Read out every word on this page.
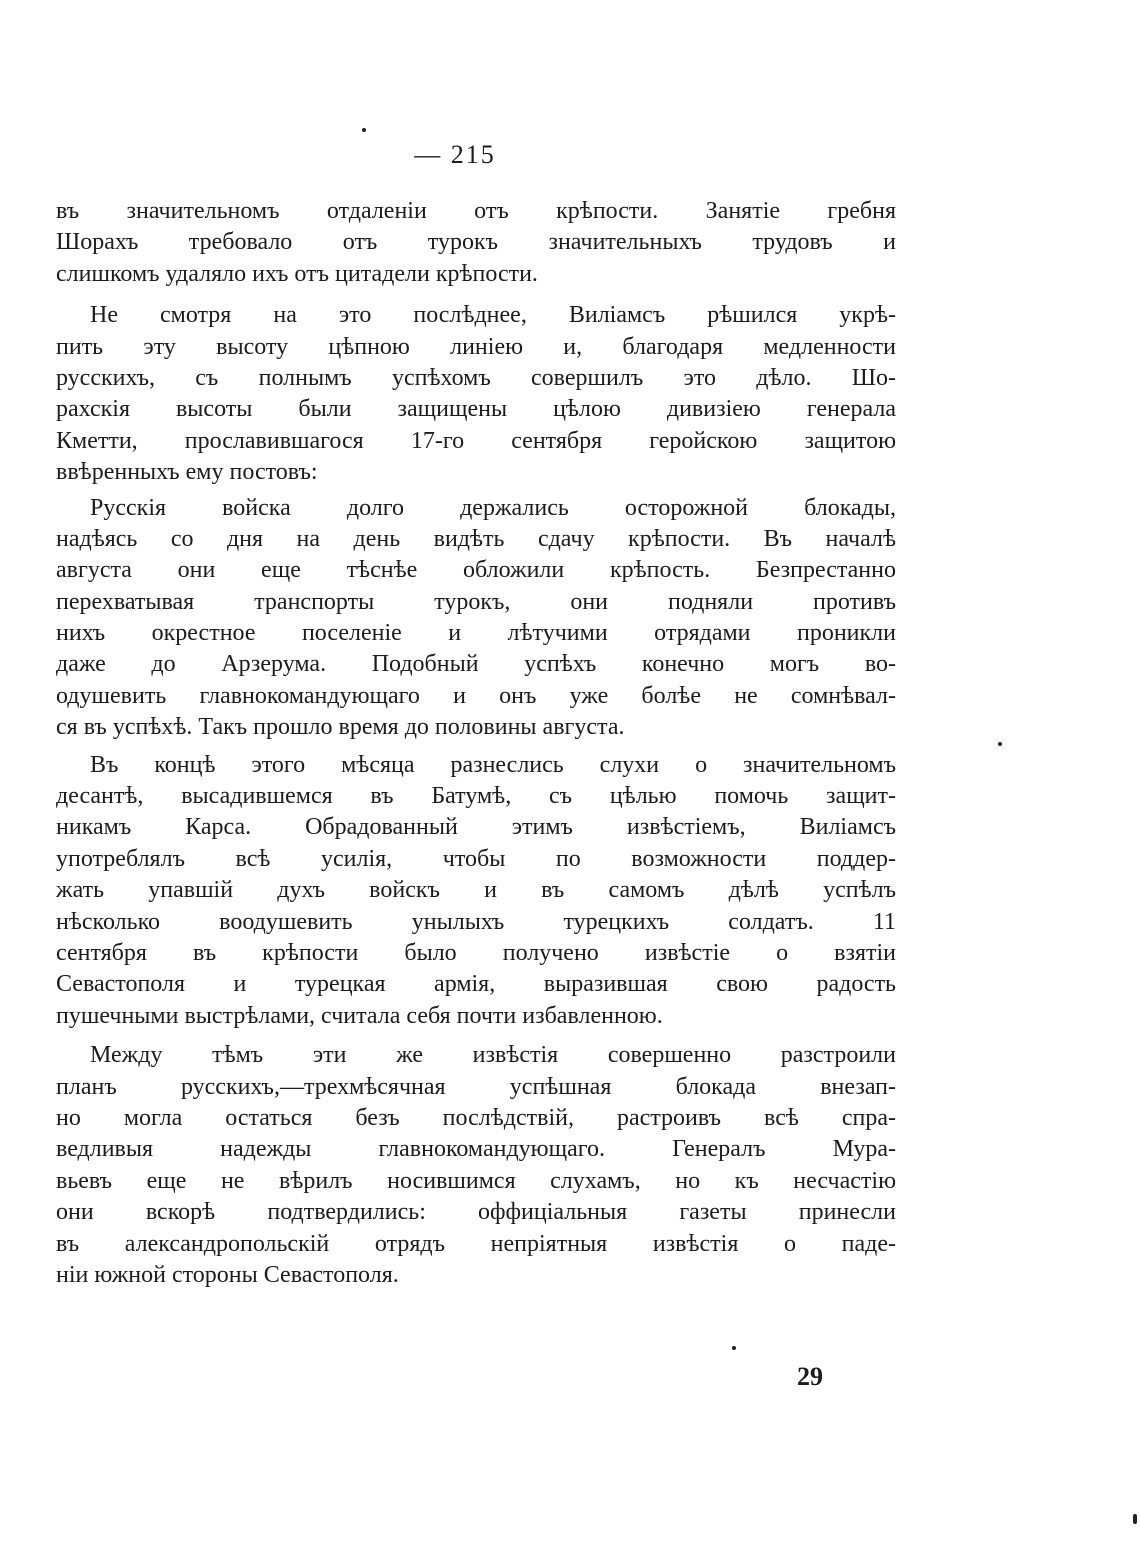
— 215
въ значительномъ отдаленіи отъ крѣпости. Занятіе гребня
Шорахъ требовало отъ турокъ значительныхъ трудовъ и
слишкомъ удаляло ихъ отъ цитадели крѣпости.
Не смотря на это послѣднее, Виліамсъ рѣшился укрѣ-
пить эту высоту цѣпною линіею и, благодаря медленности
русскихъ, съ полнымъ успѣхомъ совершилъ это дѣло. Шо-
рахскія высоты были защищены цѣлою дивизіею генерала
Кметти, прославившагося 17-го сентября геройскою защитою
ввѣренныхъ ему постовъ:
Русскія войска долго держались осторожной блокады,
надѣясь со дня на день видѣть сдачу крѣпости. Въ началѣ
августа они еще тѣснѣе обложили крѣпость. Безпрестанно
перехватывая транспорты турокъ, они подняли противъ
нихъ окрестное поселеніе и лѣтучими отрядами проникли
даже до Арзерума. Подобный успѣхъ конечно могъ во-
одушевить главнокомандующаго и онъ уже болѣе не сомнѣвал-
ся въ успѣхѣ. Такъ прошло время до половины августа.
Въ концѣ этого мѣсяца разнеслись слухи о значительномъ
десантѣ, высадившемся въ Батумѣ, съ цѣлью помочь защит-
никамъ Карса. Обрадованный этимъ извѣстіемъ, Виліамсъ
употреблялъ всѣ усилія, чтобы по возможности поддер-
жать упавшій духъ войскъ и въ самомъ дѣлѣ успѣлъ
нѣсколько воодушевить унылыхъ турецкихъ солдатъ. 11
сентября въ крѣпости было получено извѣстіе о взятіи
Севастополя и турецкая армія, выразившая свою радость
пушечными выстрѣлами, считала себя почти избавленною.
Между тѣмъ эти же извѣстія совершенно разстроили
планъ русскихъ,—трехмѣсячная успѣшная блокада внезап-
но могла остаться безъ послѣдствій, растроивъ всѣ спра-
ведливыя надежды главнокомандующаго. Генералъ Мура-
вьевъ еще не вѣрилъ носившимся слухамъ, но къ несчастію
они вскорѣ подтвердились: оффиціальныя газеты принесли
въ александропольскій отрядъ непріятныя извѣстія о паде-
ніи южной стороны Севастополя.
29
